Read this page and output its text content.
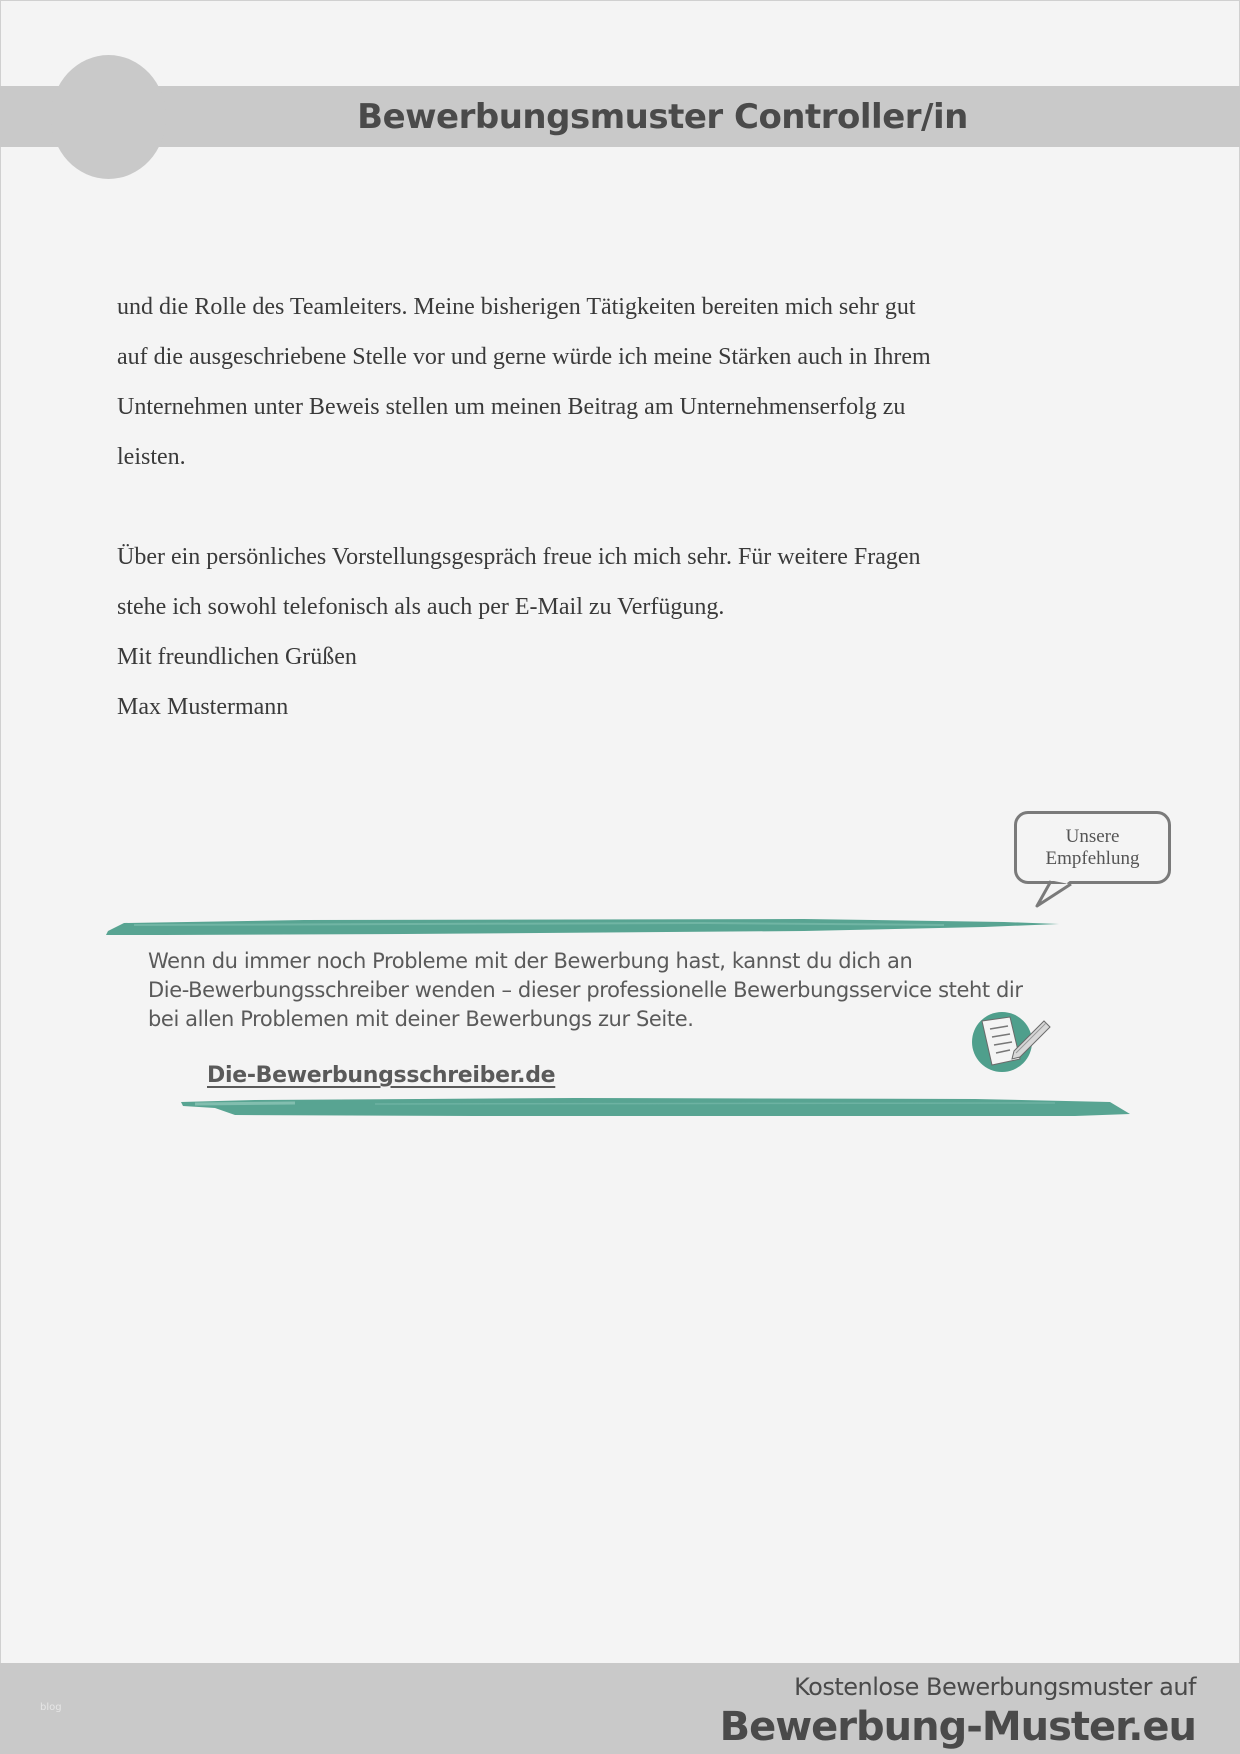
Bewerbungsmuster Controller/in

und die Rolle des Teamleiters. Meine bisherigen Tätigkeiten bereiten mich sehr gut

auf die ausgeschriebene Stelle vor und gerne würde ich meine Stärken auch in Ihrem

Unternehmen unter Beweis stellen um meinen Beitrag am Unternehmenserfolg zu

leisten.

Über ein persönliches Vorstellungsgespräch freue ich mich sehr. Für weitere Fragen

stehe ich sowohl telefonisch als auch per E-Mail zu Verfügung.

Mit freundlichen Grüßen

Max Mustermann

Unsere
Empfehlung

Wenn du immer noch Probleme mit der Bewerbung hast, kannst du dich an

Die-Bewerbungsschreiber wenden – dieser professionelle Bewerbungsservice steht dir

bei allen Problemen mit deiner Bewerbungs zur Seite.

Die-Bewerbungsschreiber.de
blog
Kostenlose Bewerbungsmuster auf
Bewerbung-Muster.eu
